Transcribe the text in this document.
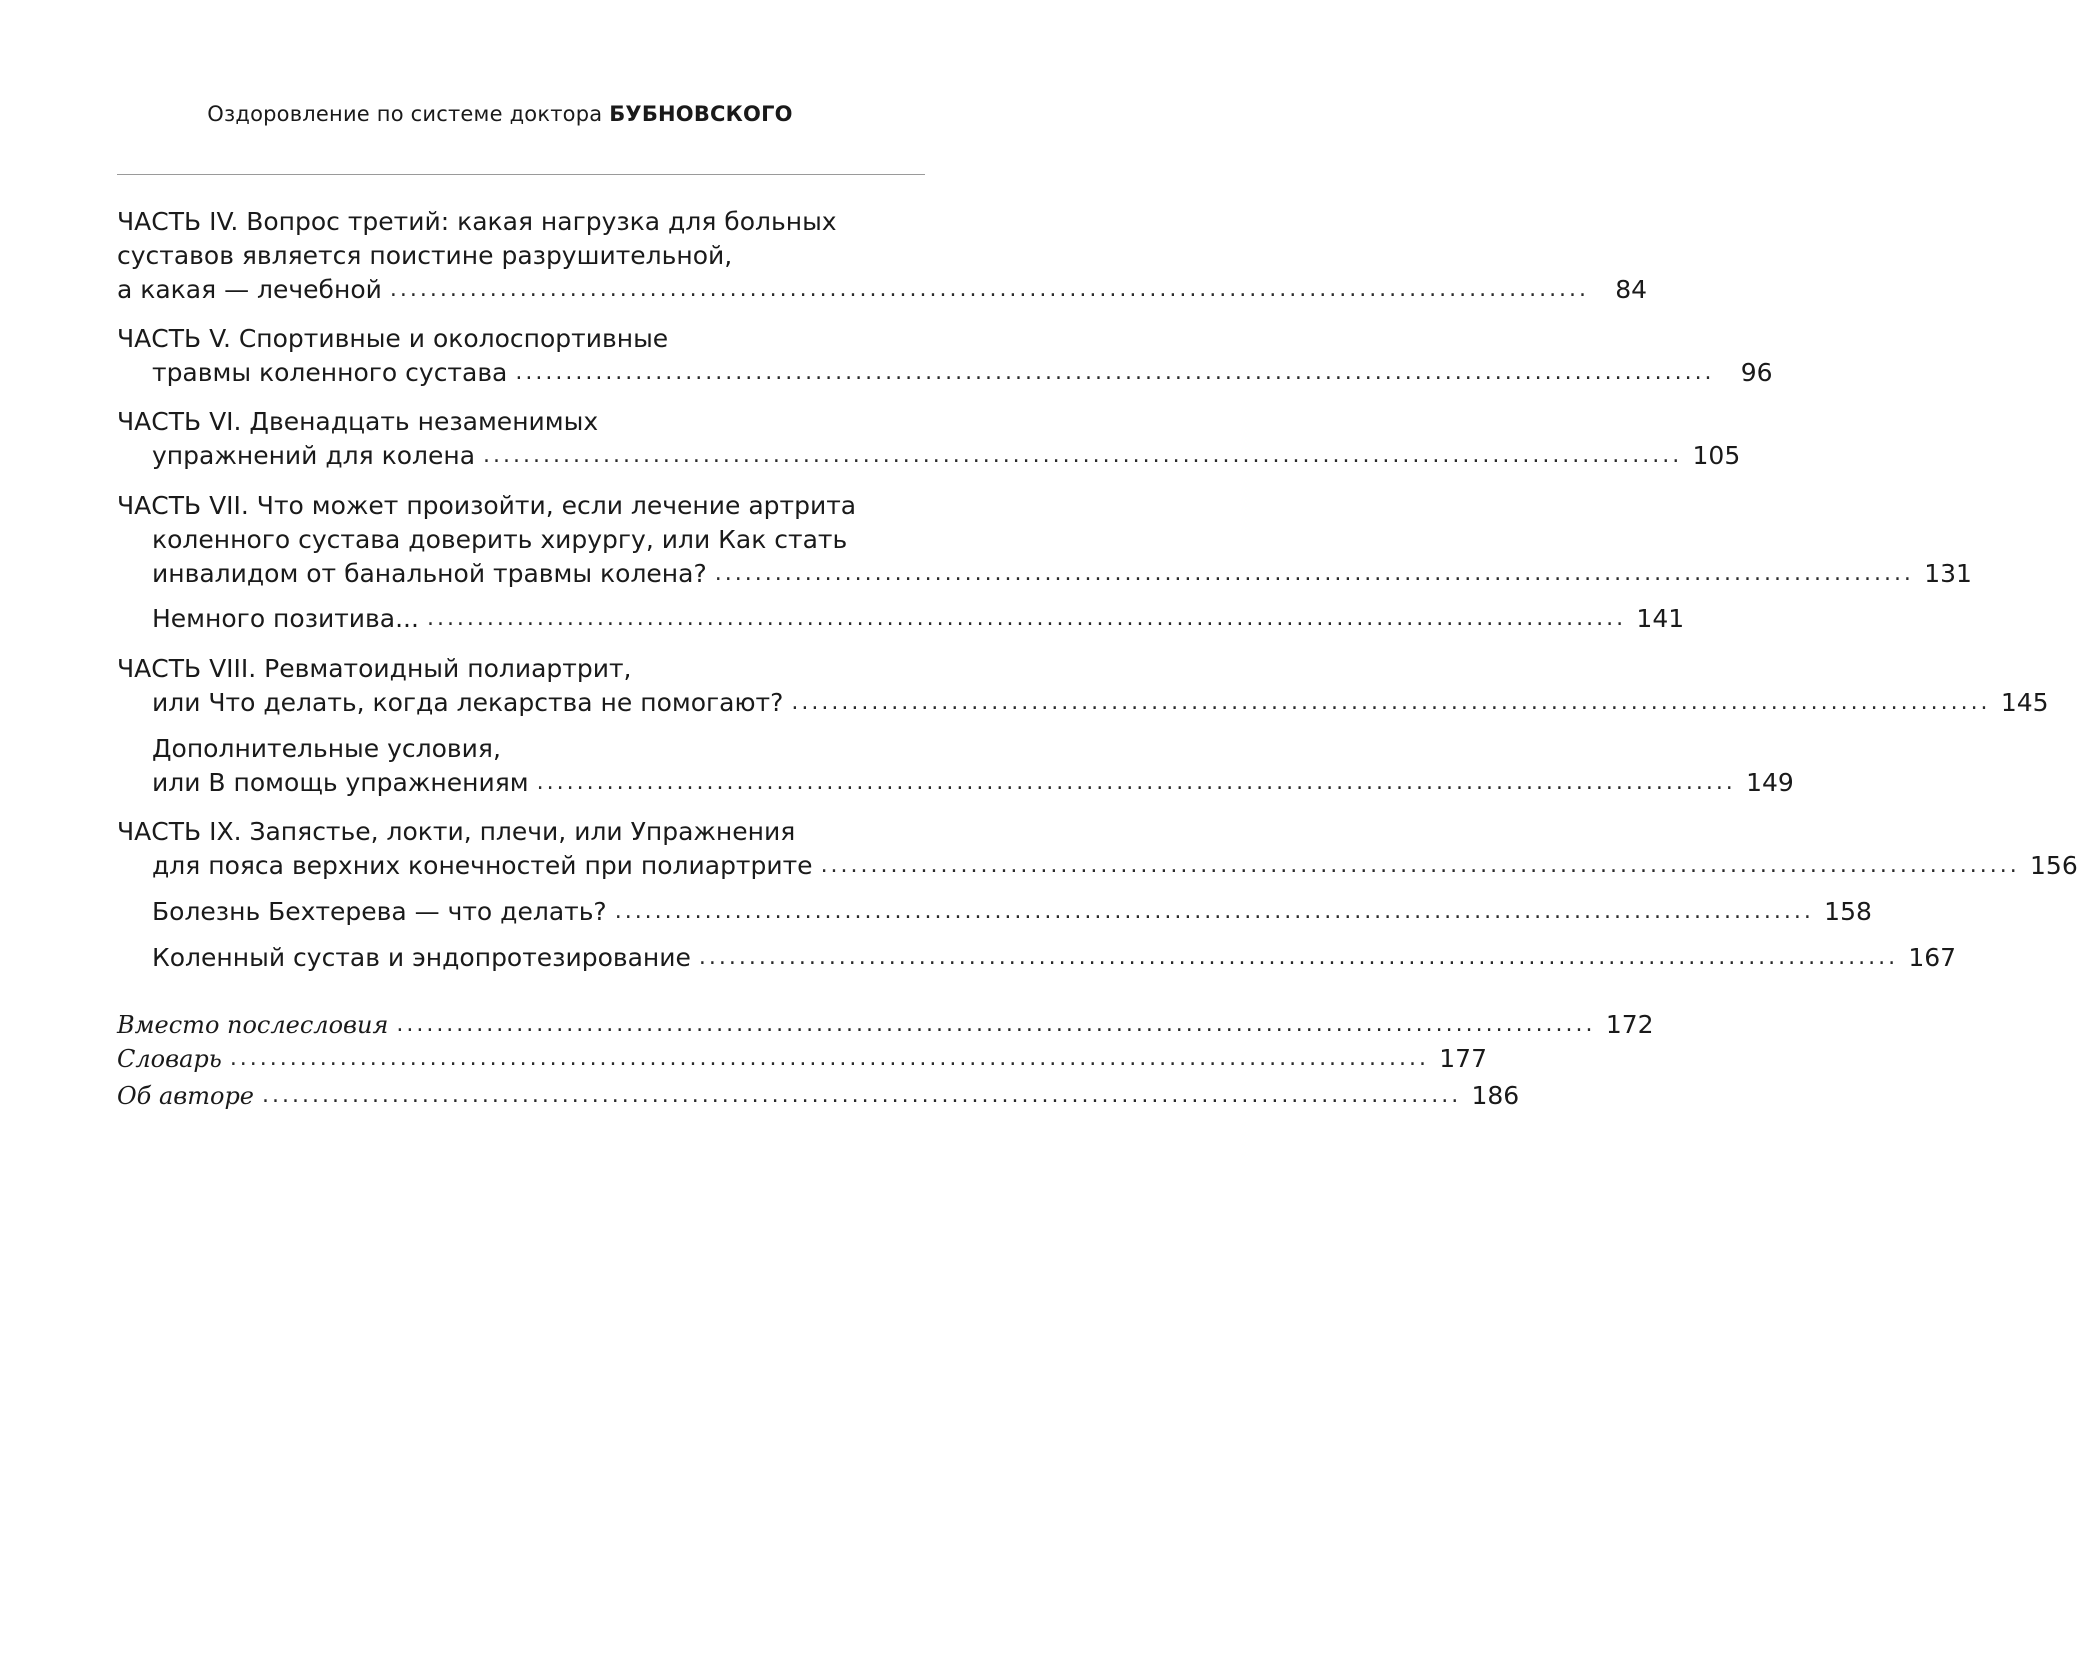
Оздоровление по системе доктора БУБНОВСКОГО
ЧАСТЬ IV. Вопрос третий: какая нагрузка для больных
суставов является поистине разрушительной,
а какая — лечебной ........................................................................................................................	84
ЧАСТЬ V. Спортивные и околоспортивные
травмы коленного сустава ........................................................................................................................	96
ЧАСТЬ VI. Двенадцать незаменимых
упражнений для колена ........................................................................................................................ 105
ЧАСТЬ VII. Что может произойти, если лечение артрита
коленного сустава доверить хирургу, или Как стать
инвалидом от банальной травмы колена? ........................................................................................................................ 131
Немного позитива... ........................................................................................................................ 141
ЧАСТЬ VIII. Ревматоидный полиартрит,
или Что делать, когда лекарства не помогают? ........................................................................................................................ 145
Дополнительные условия,
или В помощь упражнениям ........................................................................................................................ 149
ЧАСТЬ IX. Запястье, локти, плечи, или Упражнения
для пояса верхних конечностей при полиартрите ........................................................................................................................ 156
Болезнь Бехтерева — что делать? ........................................................................................................................ 158
Коленный сустав и эндопротезирование ........................................................................................................................ 167
Вместо послесловия ........................................................................................................................ 172
Словарь ........................................................................................................................ 177
Об авторе ........................................................................................................................ 186
